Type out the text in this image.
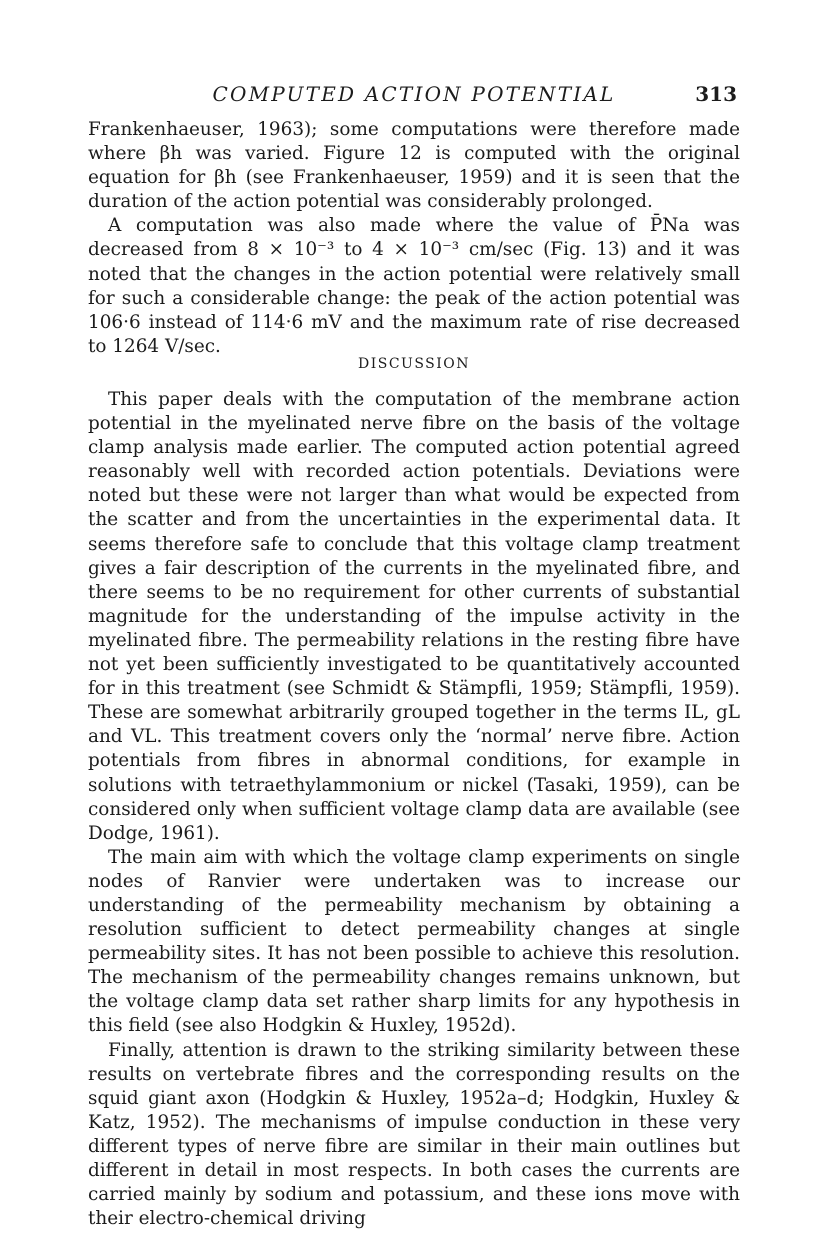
COMPUTED ACTION POTENTIAL	313

Frankenhaeuser, 1963); some computations were therefore made where βh was varied. Figure 12 is computed with the original equation for βh (see Frankenhaeuser, 1959) and it is seen that the duration of the action potential was considerably prolonged.

A computation was also made where the value of P̄Na was decreased from 8 × 10⁻³ to 4 × 10⁻³ cm/sec (Fig. 13) and it was noted that the changes in the action potential were relatively small for such a considerable change: the peak of the action potential was 106·6 instead of 114·6 mV and the maximum rate of rise decreased to 1264 V/sec.

DISCUSSION

This paper deals with the computation of the membrane action potential in the myelinated nerve fibre on the basis of the voltage clamp analysis made earlier. The computed action potential agreed reasonably well with recorded action potentials. Deviations were noted but these were not larger than what would be expected from the scatter and from the uncertainties in the experimental data. It seems therefore safe to conclude that this voltage clamp treatment gives a fair description of the currents in the myelinated fibre, and there seems to be no requirement for other currents of substantial magnitude for the understanding of the impulse activity in the myelinated fibre. The permeability relations in the resting fibre have not yet been sufficiently investigated to be quantitatively accounted for in this treatment (see Schmidt & Stämpfli, 1959; Stämpfli, 1959). These are somewhat arbitrarily grouped together in the terms IL, gL and VL. This treatment covers only the ‘normal’ nerve fibre. Action potentials from fibres in abnormal conditions, for example in solutions with tetraethylammonium or nickel (Tasaki, 1959), can be considered only when sufficient voltage clamp data are available (see Dodge, 1961).

The main aim with which the voltage clamp experiments on single nodes of Ranvier were undertaken was to increase our understanding of the permeability mechanism by obtaining a resolution sufficient to detect permeability changes at single permeability sites. It has not been possible to achieve this resolution. The mechanism of the permeability changes remains unknown, but the voltage clamp data set rather sharp limits for any hypothesis in this field (see also Hodgkin & Huxley, 1952d).

Finally, attention is drawn to the striking similarity between these results on vertebrate fibres and the corresponding results on the squid giant axon (Hodgkin & Huxley, 1952a–d; Hodgkin, Huxley & Katz, 1952). The mechanisms of impulse conduction in these very different types of nerve fibre are similar in their main outlines but different in detail in most respects. In both cases the currents are carried mainly by sodium and potassium, and these ions move with their electro-chemical driving
